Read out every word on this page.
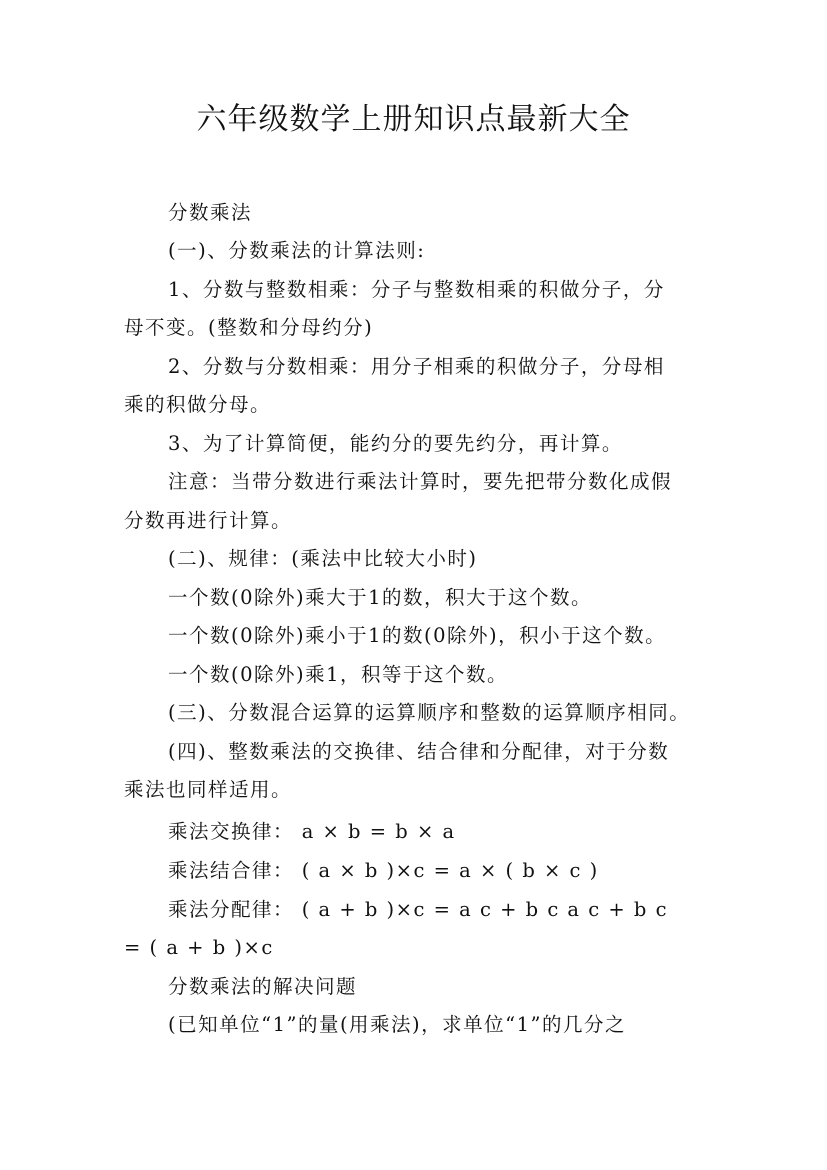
六年级数学上册知识点最新大全

分数乘法

(一)、分数乘法的计算法则:

1、分数与整数相乘：分子与整数相乘的积做分子，分

母不变。(整数和分母约分)

2、分数与分数相乘：用分子相乘的积做分子，分母相

乘的积做分母。

3、为了计算简便，能约分的要先约分，再计算。

注意：当带分数进行乘法计算时，要先把带分数化成假

分数再进行计算。

(二)、规律：(乘法中比较大小时)

一个数(0除外)乘大于1的数，积大于这个数。

一个数(0除外)乘小于1的数(0除外)，积小于这个数。

一个数(0除外)乘1，积等于这个数。

(三)、分数混合运算的运算顺序和整数的运算顺序相同。

(四)、整数乘法的交换律、结合律和分配律，对于分数

乘法也同样适用。

乘法交换律： a × b = b × a

乘法结合律： ( a × b )×c = a × ( b × c )

乘法分配律： ( a + b )×c = a c + b c a c + b c

= ( a + b )×c

分数乘法的解决问题

(已知单位“1”的量(用乘法)，求单位“1”的几分之
